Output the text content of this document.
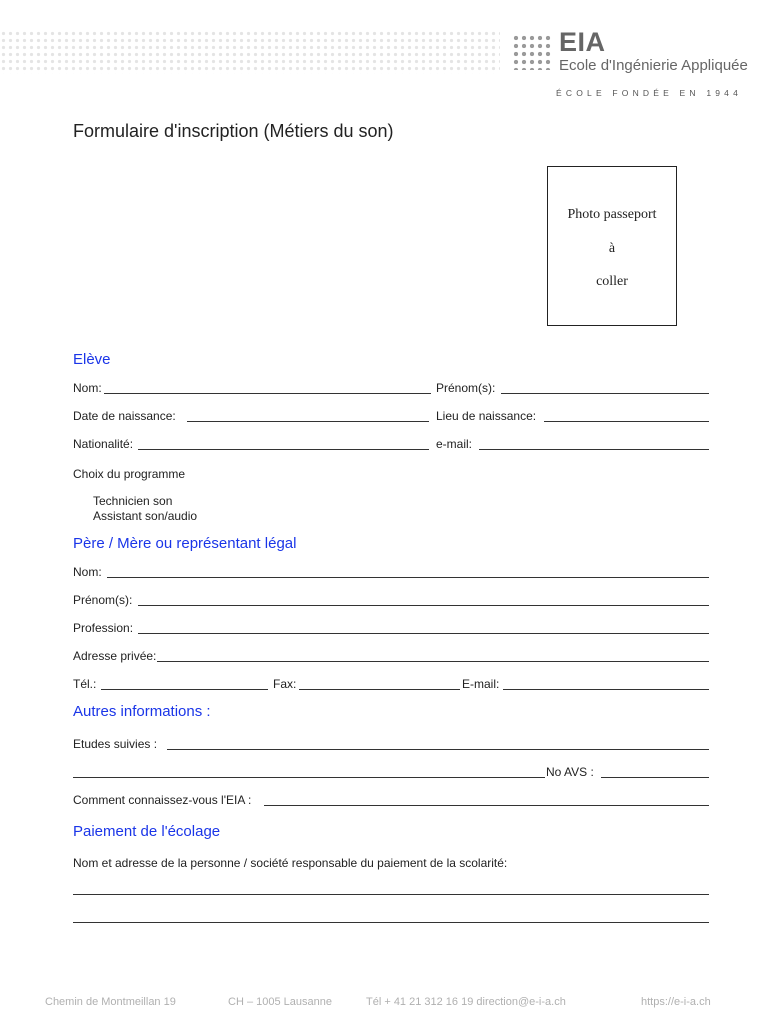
EIA
Ecole d'Ingénierie Appliquée
ÉCOLE FONDÉE EN 1944
Formulaire d'inscription (Métiers du son)
Photo passeport
à
coller
Elève
Nom:	Prénom(s):
Date de naissance:	Lieu de naissance:
Nationalité:	e-mail:
Choix du programme
Technicien son
Assistant son/audio
Père / Mère ou représentant légal
Nom:
Prénom(s):
Profession:
Adresse privée:
Tél.:	Fax:	E-mail:
Autres informations :
Etudes suivies :
No AVS :
Comment connaissez-vous l'EIA :
Paiement de l'écolage
Nom et adresse de la personne / société responsable du paiement de la scolarité:
Chemin de Montmeillan 19	CH – 1005 Lausanne	Tél + 41 21 312 16 19 direction@e-i-a.ch	https://e-i-a.ch
